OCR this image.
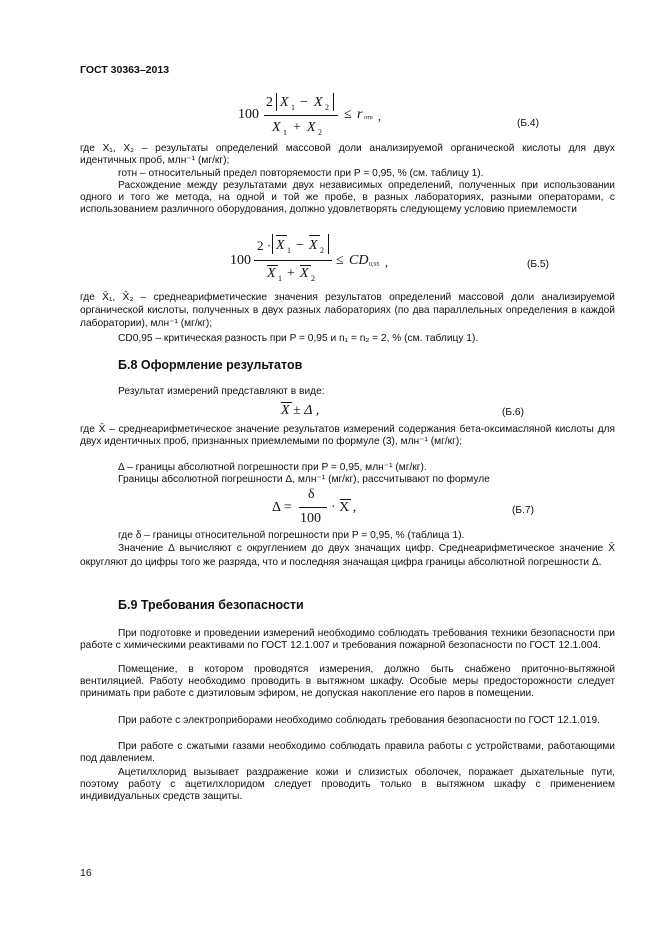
ГОСТ 30363–2013
100
2 X 1 − X 2
X 1 + X 2
≤ r отн ,
(Б.4)
где X₁, X₂ – результаты определений массовой доли анализируемой органической кислоты для двух идентичных проб, млн⁻¹ (мг/кг);
rотн – относительный предел повторяемости при P = 0,95, % (см. таблицу 1).
Расхождение между результатами двух независимых определений, полученных при использовании одного и того же метода, на одной и той же пробе, в разных лабораториях, разными операторами, с использованием различного оборудования, должно удовлетворять следующему условию приемлемости
100
2 · X 1 − X 2
X 1 + X 2
≤ CD 0,95 ,	(Б.5)
где X̄₁, X̄₂ – среднеарифметические значения результатов определений массовой доли анализируемой органической кислоты, полученных в двух разных лабораториях (по два параллельных определения в каждой лаборатории), млн⁻¹ (мг/кг);
CD0,95 – критическая разность при P = 0,95 и n₁ = n₂ = 2, % (см. таблицу 1).
Б.8 Оформление результатов
Результат измерений представляют в виде:
X ± Δ ,	(Б.6)
где X̄ – среднеарифметическое значение результатов измерений содержания бета-оксимасляной кислоты для двух идентичных проб, признанных приемлемыми по формуле (3), млн⁻¹ (мг/кг);
Δ – границы абсолютной погрешности при P = 0,95, млн⁻¹ (мг/кг).
Границы абсолютной погрешности Δ, млн⁻¹ (мг/кг), рассчитывают по формуле
Δ =
δ
100
· X ,	(Б.7)
где δ – границы относительной погрешности при P = 0,95, % (таблица 1).
Значение Δ вычисляют с округлением до двух значащих цифр. Среднеарифметическое значение X̄ округляют до цифры того же разряда, что и последняя значащая цифра границы абсолютной погрешности Δ.
Б.9 Требования безопасности
При подготовке и проведении измерений необходимо соблюдать требования техники безопасности при работе с химическими реактивами по ГОСТ 12.1.007 и требования пожарной безопасности по ГОСТ 12.1.004.
Помещение, в котором проводятся измерения, должно быть снабжено приточно-вытяжной вентиляцией. Работу необходимо проводить в вытяжном шкафу. Особые меры предосторожности следует принимать при работе с диэтиловым эфиром, не допуская накопление его паров в помещении.
При работе с электроприборами необходимо соблюдать требования безопасности по ГОСТ 12.1.019.
При работе с сжатыми газами необходимо соблюдать правила работы с устройствами, работающими под давлением.
Ацетилхлорид вызывает раздражение кожи и слизистых оболочек, поражает дыхательные пути, поэтому работу с ацетилхлоридом следует проводить только в вытяжном шкафу с применением индивидуальных средств защиты.
16
